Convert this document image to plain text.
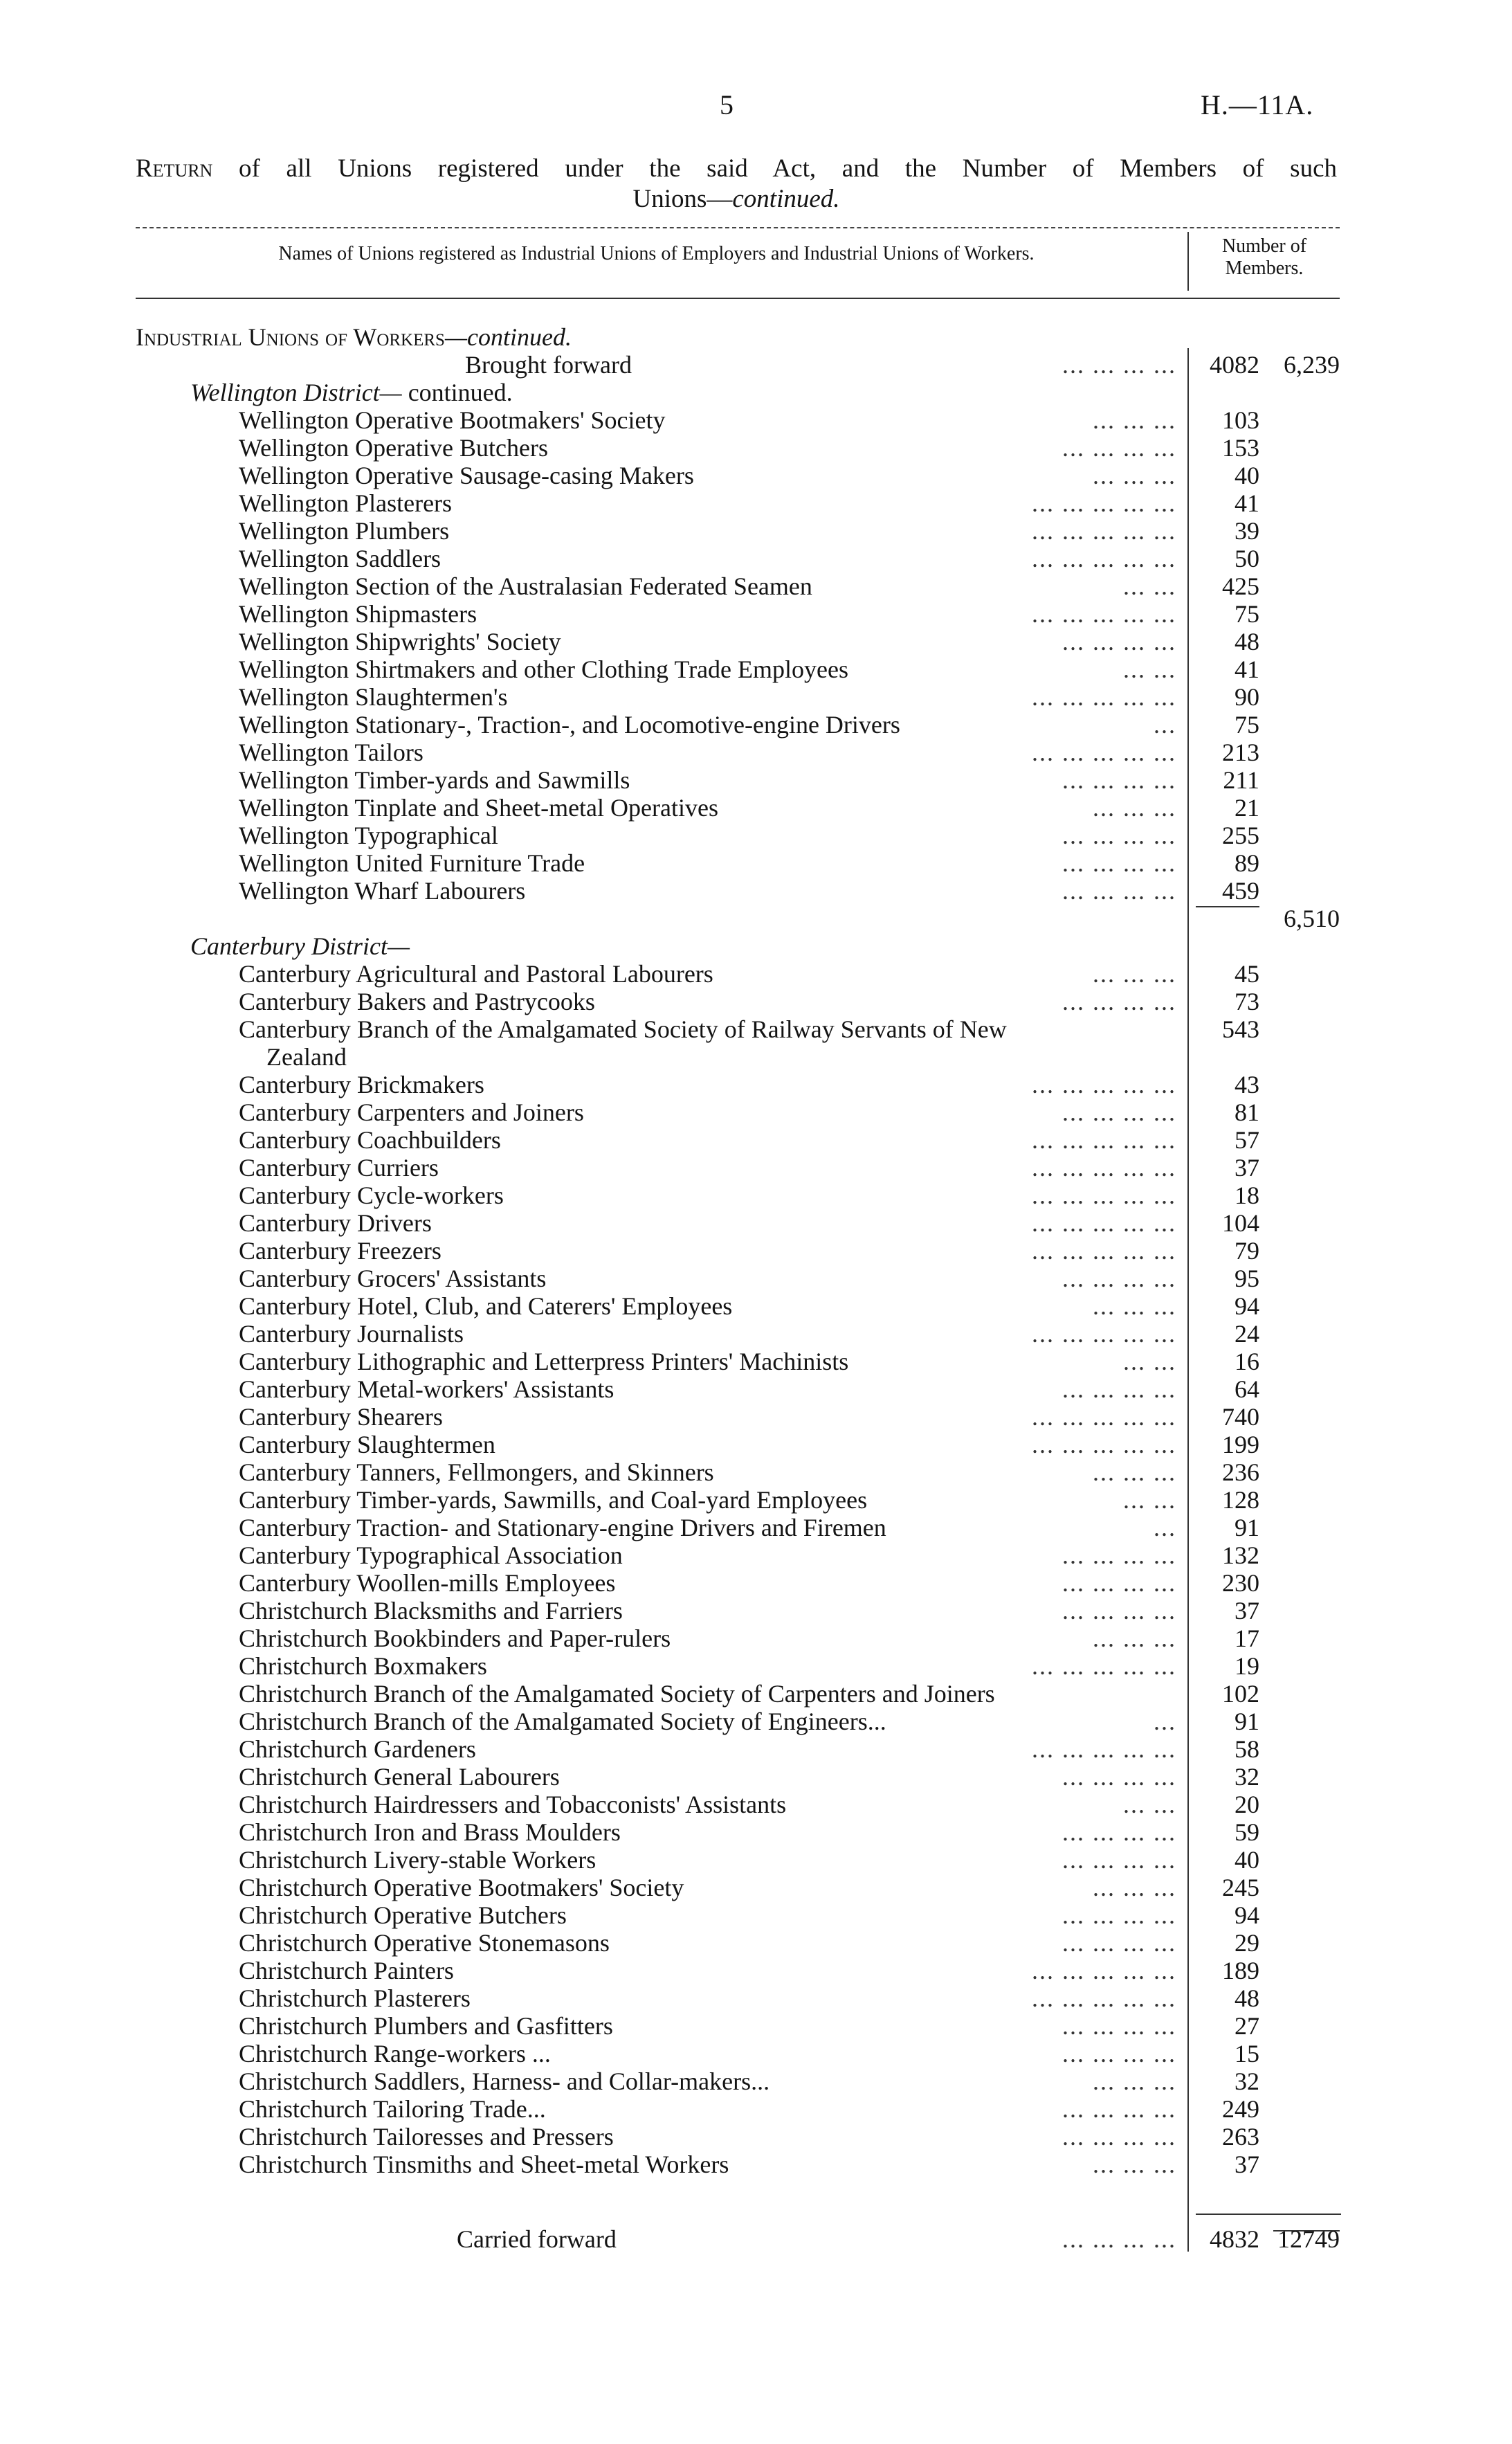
5	H.—11A.
Return of all Unions registered under the said Act, and the Number of Members of such
Unions—continued.
Names of Unions registered as Industrial Unions of Employers and Industrial Unions of Workers.	Number of
Members.
Industrial Unions of Workers—continued.
Brought forward	... ... ... ...	4082 6,239
Wellington District— continued.
Wellington Operative Bootmakers' Society	... ... ...	103
Wellington Operative Butchers	... ... ... ...	153
Wellington Operative Sausage-casing Makers	... ... ...	40
Wellington Plasterers	... ... ... ... ...	41
Wellington Plumbers	... ... ... ... ...	39
Wellington Saddlers	... ... ... ... ...	50
Wellington Section of the Australasian Federated Seamen	... ...	425
Wellington Shipmasters	... ... ... ... ...	75
Wellington Shipwrights' Society	... ... ... ...	48
Wellington Shirtmakers and other Clothing Trade Employees	... ...	41
Wellington Slaughtermen's	... ... ... ... ...	90
Wellington Stationary-, Traction-, and Locomotive-engine Drivers	...	75
Wellington Tailors	... ... ... ... ...	213
Wellington Timber-yards and Sawmills	... ... ... ...	211
Wellington Tinplate and Sheet-metal Operatives	... ... ...	21
Wellington Typographical	... ... ... ...	255
Wellington United Furniture Trade	... ... ... ...	89
Wellington Wharf Labourers	... ... ... ...	459
6,510
Canterbury District—
Canterbury Agricultural and Pastoral Labourers	... ... ...	45
Canterbury Bakers and Pastrycooks	... ... ... ...	73
Canterbury Branch of the Amalgamated Society of Railway Servants of New	543
Zealand
Canterbury Brickmakers	... ... ... ... ...	43
Canterbury Carpenters and Joiners	... ... ... ...	81
Canterbury Coachbuilders	... ... ... ... ...	57
Canterbury Curriers	... ... ... ... ...	37
Canterbury Cycle-workers	... ... ... ... ...	18
Canterbury Drivers	... ... ... ... ...	104
Canterbury Freezers	... ... ... ... ...	79
Canterbury Grocers' Assistants	... ... ... ...	95
Canterbury Hotel, Club, and Caterers' Employees	... ... ...	94
Canterbury Journalists	... ... ... ... ...	24
Canterbury Lithographic and Letterpress Printers' Machinists	... ...	16
Canterbury Metal-workers' Assistants	... ... ... ...	64
Canterbury Shearers	... ... ... ... ...	740
Canterbury Slaughtermen	... ... ... ... ...	199
Canterbury Tanners, Fellmongers, and Skinners	... ... ...	236
Canterbury Timber-yards, Sawmills, and Coal-yard Employees	... ...	128
Canterbury Traction- and Stationary-engine Drivers and Firemen	...	91
Canterbury Typographical Association	... ... ... ...	132
Canterbury Woollen-mills Employees	... ... ... ...	230
Christchurch Blacksmiths and Farriers	... ... ... ...	37
Christchurch Bookbinders and Paper-rulers	... ... ...	17
Christchurch Boxmakers	... ... ... ... ...	19
Christchurch Branch of the Amalgamated Society of Carpenters and Joiners	102
Christchurch Branch of the Amalgamated Society of Engineers...	...	91
Christchurch Gardeners	... ... ... ... ...	58
Christchurch General Labourers	... ... ... ...	32
Christchurch Hairdressers and Tobacconists' Assistants	... ...	20
Christchurch Iron and Brass Moulders	... ... ... ...	59
Christchurch Livery-stable Workers	... ... ... ...	40
Christchurch Operative Bootmakers' Society	... ... ...	245
Christchurch Operative Butchers	... ... ... ...	94
Christchurch Operative Stonemasons	... ... ... ...	29
Christchurch Painters	... ... ... ... ...	189
Christchurch Plasterers	... ... ... ... ...	48
Christchurch Plumbers and Gasfitters	... ... ... ...	27
Christchurch Range-workers ...	... ... ... ...	15
Christchurch Saddlers, Harness- and Collar-makers...	... ... ...	32
Christchurch Tailoring Trade...	... ... ... ...	249
Christchurch Tailoresses and Pressers	... ... ... ...	263
Christchurch Tinsmiths and Sheet-metal Workers	... ... ...	37
Carried forward	... ... ... ...	4832 12749
